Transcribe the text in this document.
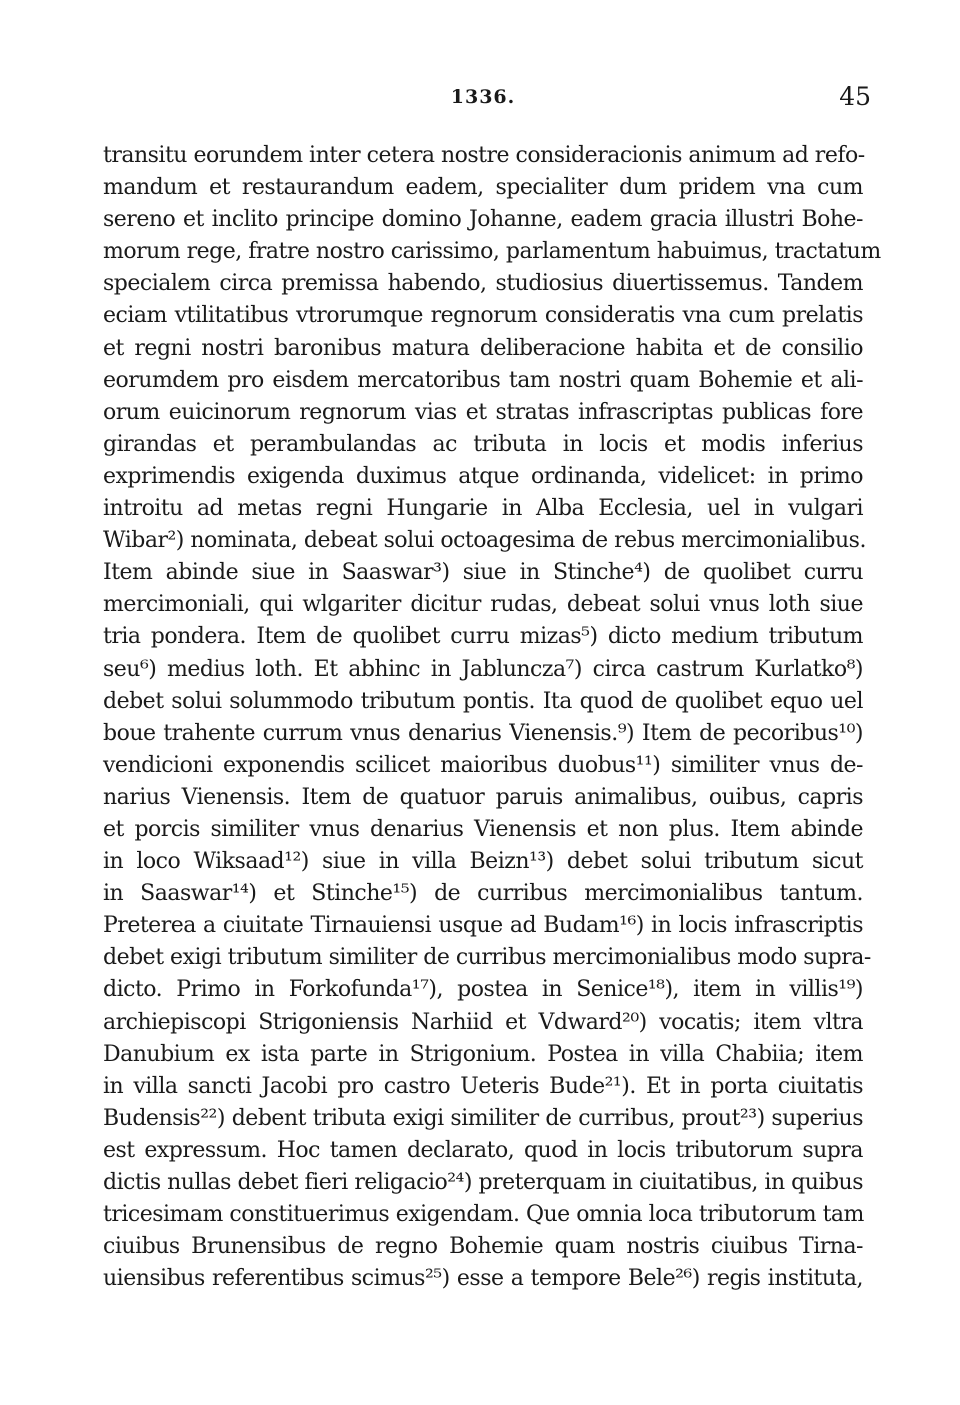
1336.	45
transitu eorundem inter cetera nostre consideracionis animum ad refo-
mandum et restaurandum eadem, specialiter dum pridem vna cum
sereno et inclito principe domino Johanne, eadem gracia illustri Bohe-
morum rege, fratre nostro carissimo, parlamentum habuimus, tractatum
specialem circa premissa habendo, studiosius diuertissemus. Tandem
eciam vtilitatibus vtrorumque regnorum consideratis vna cum prelatis
et regni nostri baronibus matura deliberacione habita et de consilio
eorumdem pro eisdem mercatoribus tam nostri quam Bohemie et ali-
orum euicinorum regnorum vias et stratas infrascriptas publicas fore
girandas et perambulandas ac tributa in locis et modis inferius
exprimendis exigenda duximus atque ordinanda, videlicet: in primo
introitu ad metas regni Hungarie in Alba Ecclesia, uel in vulgari
Wibar²) nominata, debeat solui octoagesima de rebus mercimonialibus.
Item abinde siue in Saaswar³) siue in Stinche⁴) de quolibet curru
mercimoniali, qui wlgariter dicitur rudas, debeat solui vnus loth siue
tria pondera. Item de quolibet curru mizas⁵) dicto medium tributum
seu⁶) medius loth. Et abhinc in Jabluncza⁷) circa castrum Kurlatko⁸)
debet solui solummodo tributum pontis. Ita quod de quolibet equo uel
boue trahente currum vnus denarius Vienensis.⁹) Item de pecoribus¹⁰)
vendicioni exponendis scilicet maioribus duobus¹¹) similiter vnus de-
narius Vienensis. Item de quatuor paruis animalibus, ouibus, capris
et porcis similiter vnus denarius Vienensis et non plus. Item abinde
in loco Wiksaad¹²) siue in villa Beizn¹³) debet solui tributum sicut
in Saaswar¹⁴) et Stinche¹⁵) de curribus mercimonialibus tantum.
Preterea a ciuitate Tirnauiensi usque ad Budam¹⁶) in locis infrascriptis
debet exigi tributum similiter de curribus mercimonialibus modo supra-
dicto. Primo in Forkofunda¹⁷), postea in Senice¹⁸), item in villis¹⁹)
archiepiscopi Strigoniensis Narhiid et Vdward²⁰) vocatis; item vltra
Danubium ex ista parte in Strigonium. Postea in villa Chabiia; item
in villa sancti Jacobi pro castro Ueteris Bude²¹). Et in porta ciuitatis
Budensis²²) debent tributa exigi similiter de curribus, prout²³) superius
est expressum. Hoc tamen declarato, quod in locis tributorum supra
dictis nullas debet fieri religacio²⁴) preterquam in ciuitatibus, in quibus
tricesimam constituerimus exigendam. Que omnia loca tributorum tam
ciuibus Brunensibus de regno Bohemie quam nostris ciuibus Tirna-
uiensibus referentibus scimus²⁵) esse a tempore Bele²⁶) regis instituta,
